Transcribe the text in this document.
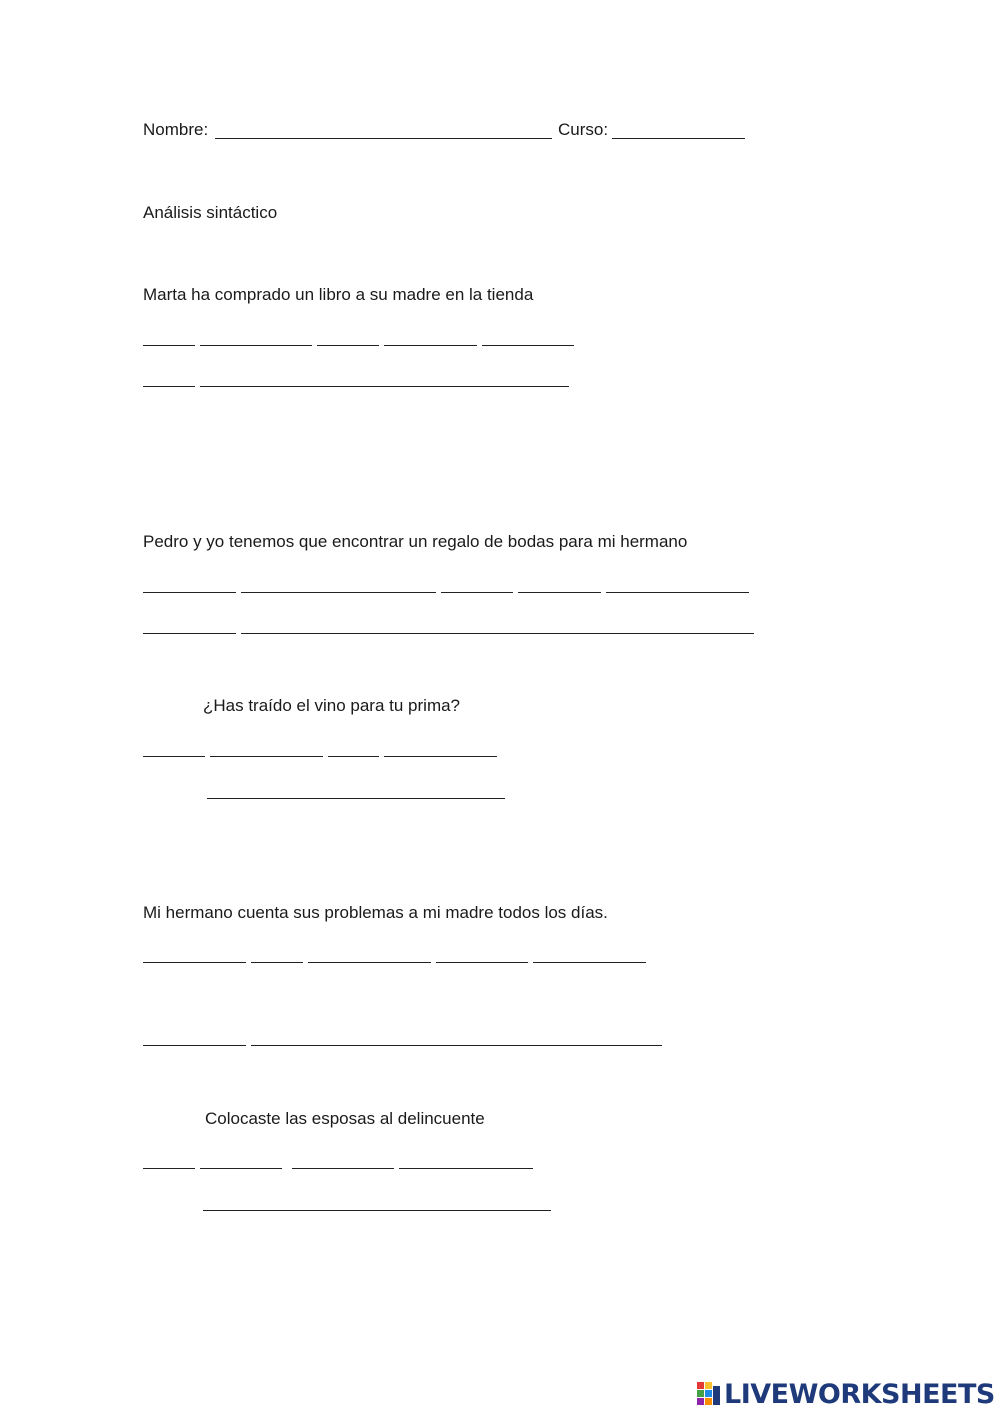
Nombre:	Curso:
Análisis sintáctico
Marta ha comprado un libro a su madre en la tienda
Pedro y yo tenemos que encontrar un regalo de bodas para mi hermano
¿Has traído el vino para tu prima?
Mi hermano cuenta sus problemas a mi madre todos los días.
Colocaste las esposas al delincuente
LIVEWORKSHEETS
